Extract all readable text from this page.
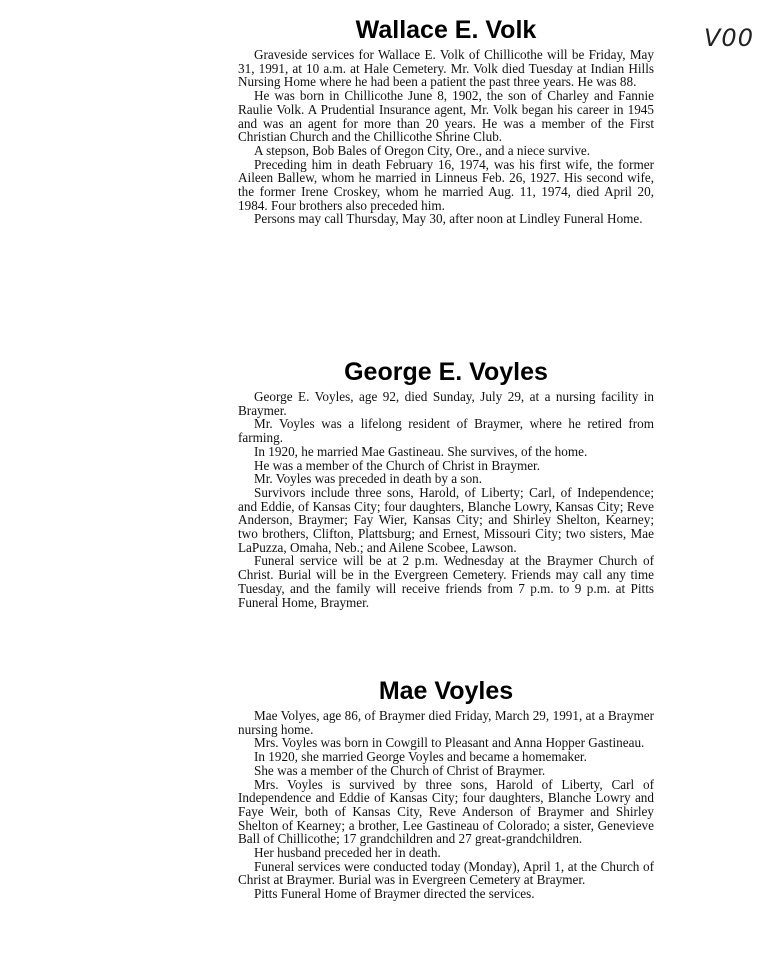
V00
Wallace E. Volk

Graveside services for Wallace E. Volk of Chillicothe will be Friday, May 31, 1991, at 10 a.m. at Hale Cemetery. Mr. Volk died Tuesday at Indian Hills Nursing Home where he had been a patient the past three years. He was 88.

He was born in Chillicothe June 8, 1902, the son of Charley and Fannie Raulie Volk. A Prudential Insurance agent, Mr. Volk began his career in 1945 and was an agent for more than 20 years. He was a member of the First Christian Church and the Chillicothe Shrine Club.

A stepson, Bob Bales of Oregon City, Ore., and a niece survive.

Preceding him in death February 16, 1974, was his first wife, the former Aileen Ballew, whom he married in Linneus Feb. 26, 1927. His second wife, the former Irene Croskey, whom he married Aug. 11, 1974, died April 20, 1984. Four brothers also preceded him.

Persons may call Thursday, May 30, after noon at Lindley Funeral Home.

George E. Voyles

George E. Voyles, age 92, died Sunday, July 29, at a nursing facility in Braymer.

Mr. Voyles was a lifelong resident of Braymer, where he retired from farming.

In 1920, he married Mae Gastineau. She survives, of the home.

He was a member of the Church of Christ in Braymer.

Mr. Voyles was preceded in death by a son.

Survivors include three sons, Harold, of Liberty; Carl, of Independence; and Eddie, of Kansas City; four daughters, Blanche Lowry, Kansas City; Reve Anderson, Braymer; Fay Wier, Kansas City; and Shirley Shelton, Kearney; two brothers, Clifton, Plattsburg; and Ernest, Missouri City; two sisters, Mae LaPuzza, Omaha, Neb.; and Ailene Scobee, Lawson.

Funeral service will be at 2 p.m. Wednesday at the Braymer Church of Christ. Burial will be in the Evergreen Cemetery. Friends may call any time Tuesday, and the family will receive friends from 7 p.m. to 9 p.m. at Pitts Funeral Home, Braymer.

Mae Voyles

Mae Volyes, age 86, of Braymer died Friday, March 29, 1991, at a Braymer nursing home.

Mrs. Voyles was born in Cowgill to Pleasant and Anna Hopper Gastineau.

In 1920, she married George Voyles and became a homemaker.

She was a member of the Church of Christ of Braymer.

Mrs. Voyles is survived by three sons, Harold of Liberty, Carl of Independence and Eddie of Kansas City; four daughters, Blanche Lowry and Faye Weir, both of Kansas City, Reve Anderson of Braymer and Shirley Shelton of Kearney; a brother, Lee Gastineau of Colorado; a sister, Genevieve Ball of Chillicothe; 17 grandchildren and 27 great-grandchildren.

Her husband preceded her in death.

Funeral services were conducted today (Monday), April 1, at the Church of Christ at Braymer. Burial was in Evergreen Cemetery at Braymer.

Pitts Funeral Home of Braymer directed the services.
